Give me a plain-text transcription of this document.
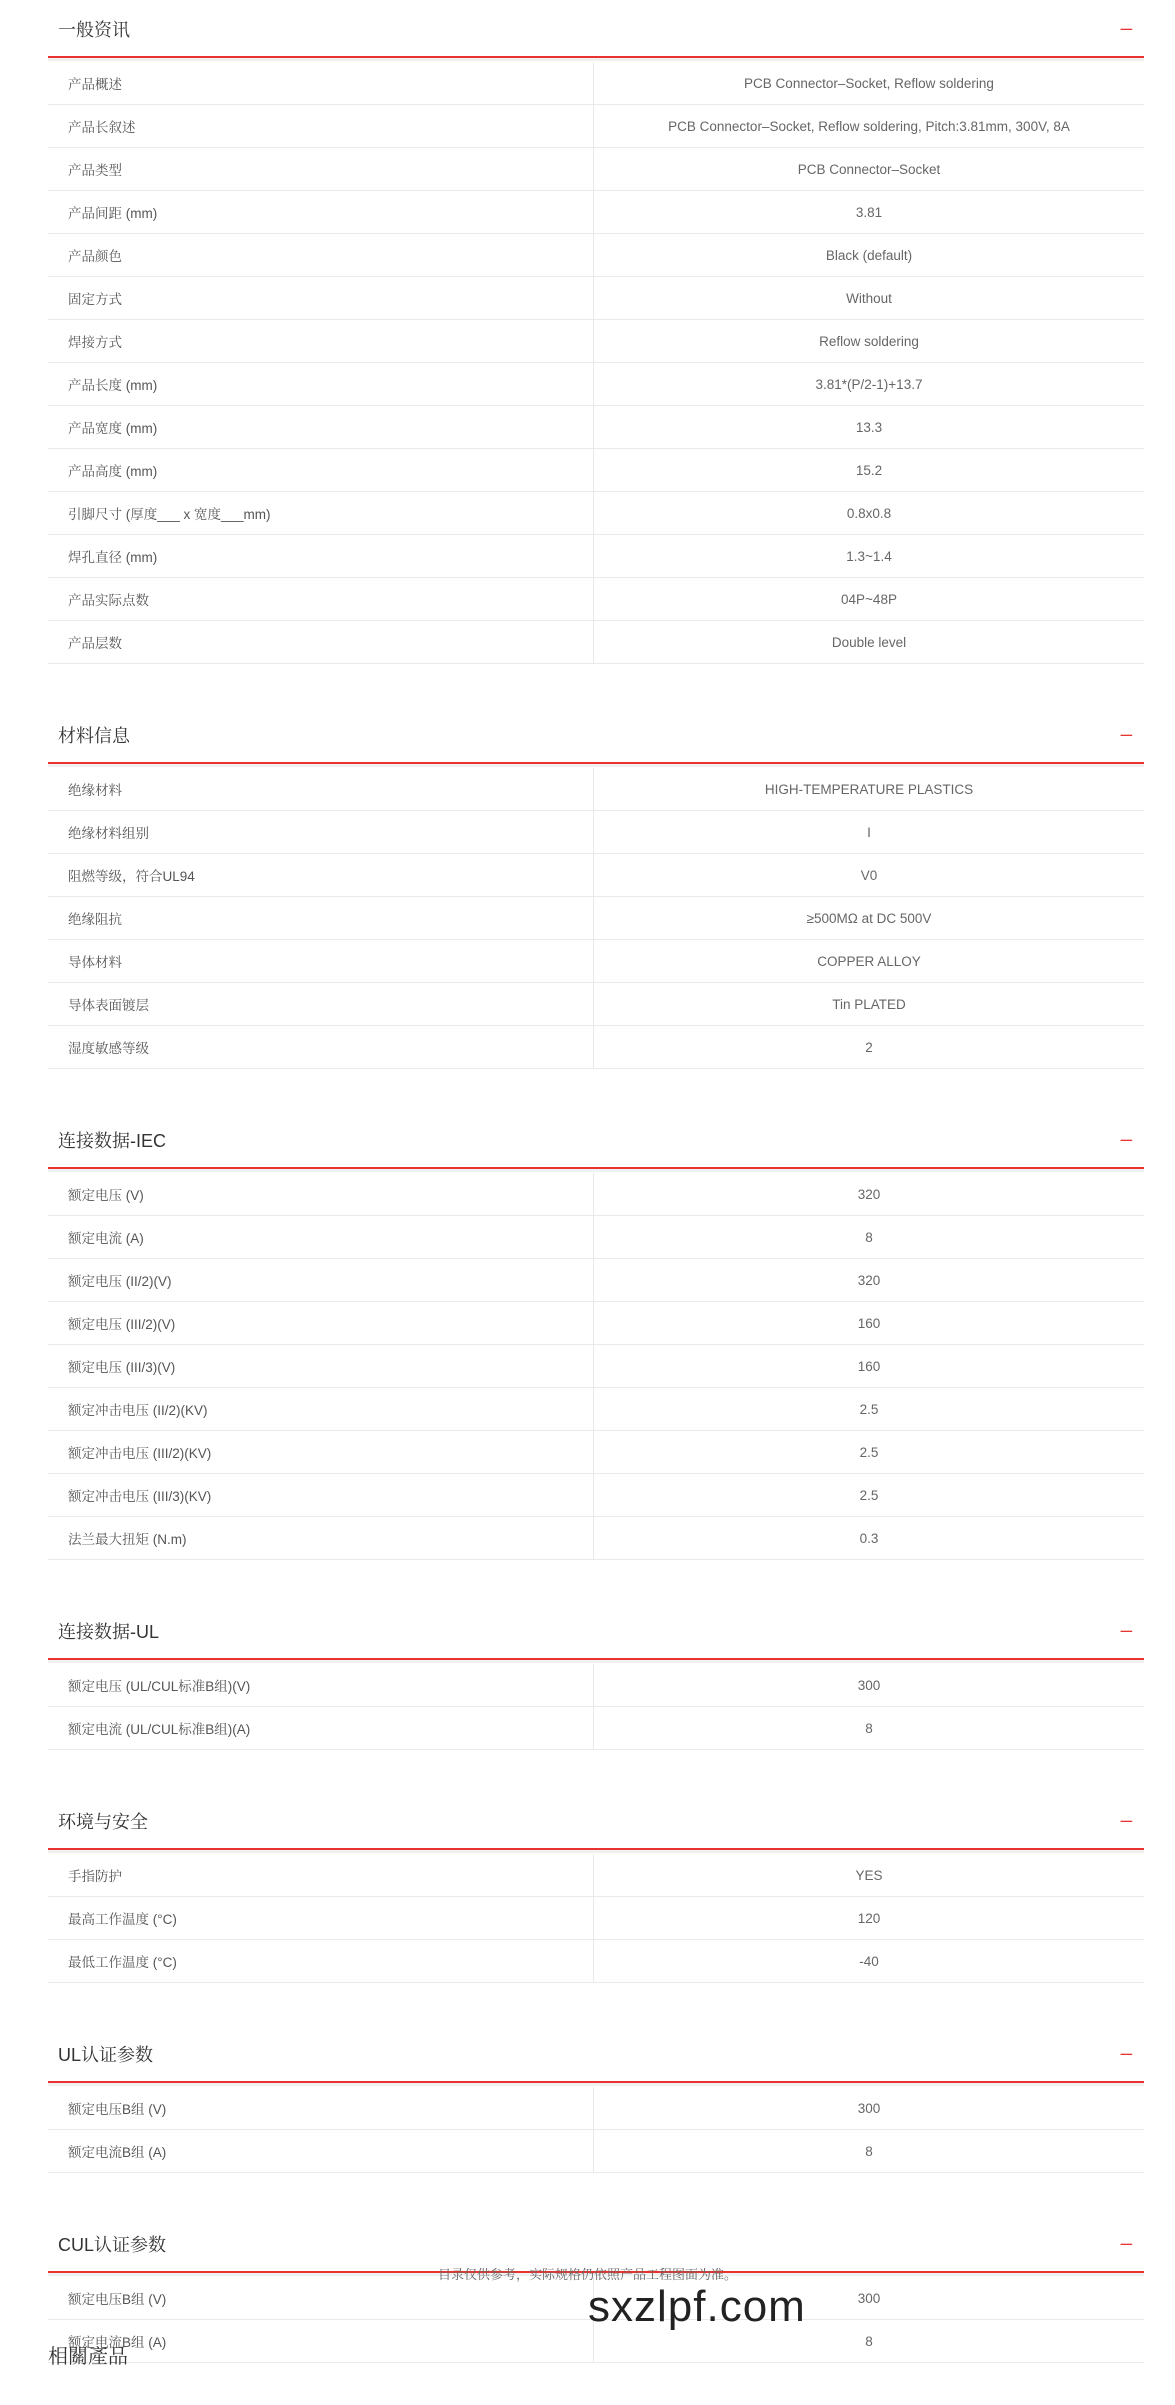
一般资讯	_
产品概述	PCB Connector–Socket, Reflow soldering
产品长叙述	PCB Connector–Socket, Reflow soldering, Pitch:3.81mm, 300V, 8A
产品类型	PCB Connector–Socket
产品间距 (mm)	3.81
产品颜色	Black (default)
固定方式	Without
焊接方式	Reflow soldering
产品长度 (mm)	3.81*(P/2-1)+13.7
产品宽度 (mm)	13.3
产品高度 (mm)	15.2
引脚尺寸 (厚度___ x 宽度___mm)	0.8x0.8
焊孔直径 (mm)	1.3~1.4
产品实际点数	04P~48P
产品层数	Double level
材料信息	_
绝缘材料	HIGH-TEMPERATURE PLASTICS
绝缘材料组别	I
阻燃等级，符合UL94	V0
绝缘阻抗	≥500MΩ at DC 500V
导体材料	COPPER ALLOY
导体表面镀层	Tin PLATED
湿度敏感等级	2
连接数据-IEC	_
额定电压 (V)	320
额定电流 (A)	8
额定电压 (II/2)(V)	320
额定电压 (III/2)(V)	160
额定电压 (III/3)(V)	160
额定冲击电压 (II/2)(KV)	2.5
额定冲击电压 (III/2)(KV)	2.5
额定冲击电压 (III/3)(KV)	2.5
法兰最大扭矩 (N.m)	0.3
连接数据-UL	_
额定电压 (UL/CUL标准B组)(V)	300
额定电流 (UL/CUL标准B组)(A)	8
环境与安全	_
手指防护	YES
最高工作温度 (°C)	120
最低工作温度 (°C)	-40
UL认证参数	_
额定电压B组 (V)	300
额定电流B组 (A)	8
CUL认证参数	_
额定电压B组 (V)	300
额定电流B组 (A)	8
目录仅供参考，实际规格仍依照产品工程图面为准。
sxzlpf.com
相關產品
